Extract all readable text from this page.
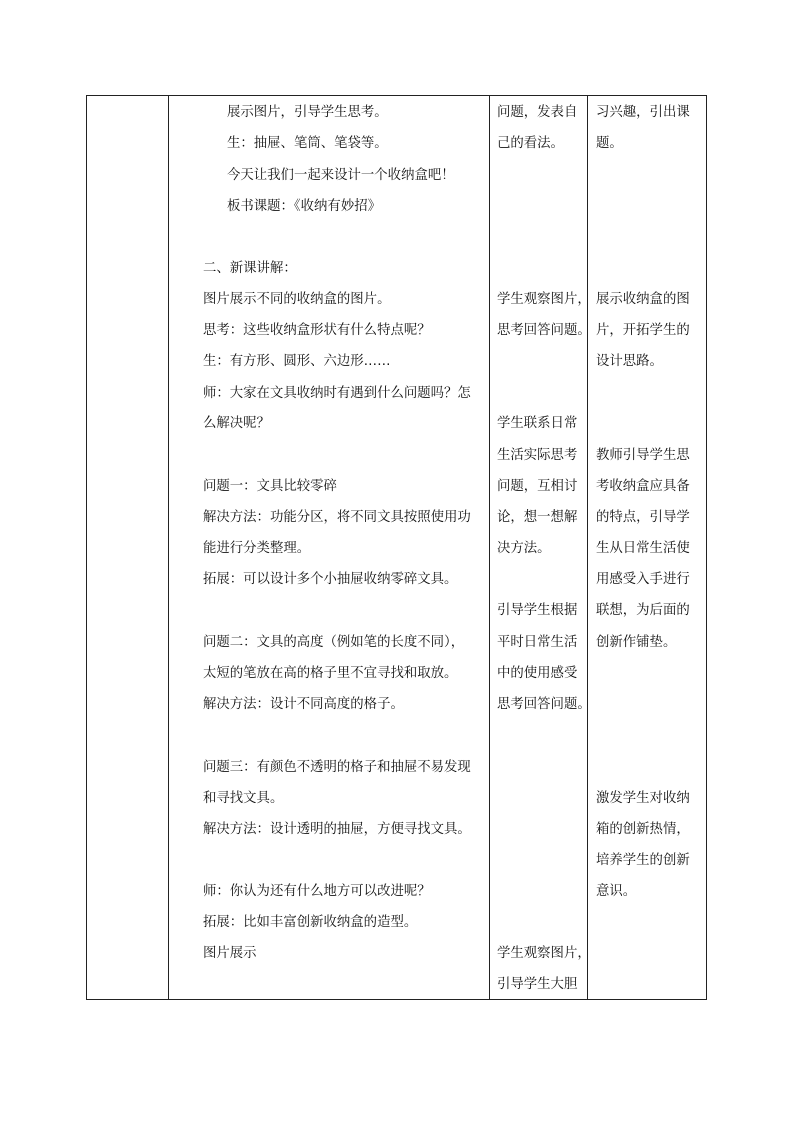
展示图片，引导学生思考。
生：抽屉、笔筒、笔袋等。
今天让我们一起来设计一个收纳盒吧！
板书课题：《收纳有妙招》
二、新课讲解：
图片展示不同的收纳盒的图片。
思考：这些收纳盒形状有什么特点呢？
生：有方形、圆形、六边形……
师：大家在文具收纳时有遇到什么问题吗？怎
么解决呢？
问题一：文具比较零碎
解决方法：功能分区，将不同文具按照使用功
能进行分类整理。
拓展：可以设计多个小抽屉收纳零碎文具。
问题二：文具的高度（例如笔的长度不同），
太短的笔放在高的格子里不宜寻找和取放。
解决方法：设计不同高度的格子。
问题三：有颜色不透明的格子和抽屉不易发现
和寻找文具。
解决方法：设计透明的抽屉，方便寻找文具。
师：你认为还有什么地方可以改进呢？
拓展：比如丰富创新收纳盒的造型。
图片展示
问题，发表自
己的看法。
学生观察图片，
思考回答问题。
学生联系日常
生活实际思考
问题，互相讨
论，想一想解
决方法。
引导学生根据
平时日常生活
中的使用感受
思考回答问题。
学生观察图片，
引导学生大胆
习兴趣，引出课
题。
展示收纳盒的图
片，开拓学生的
设计思路。
教师引导学生思
考收纳盒应具备
的特点，引导学
生从日常生活使
用感受入手进行
联想，为后面的
创新作铺垫。
激发学生对收纳
箱的创新热情，
培养学生的创新
意识。
